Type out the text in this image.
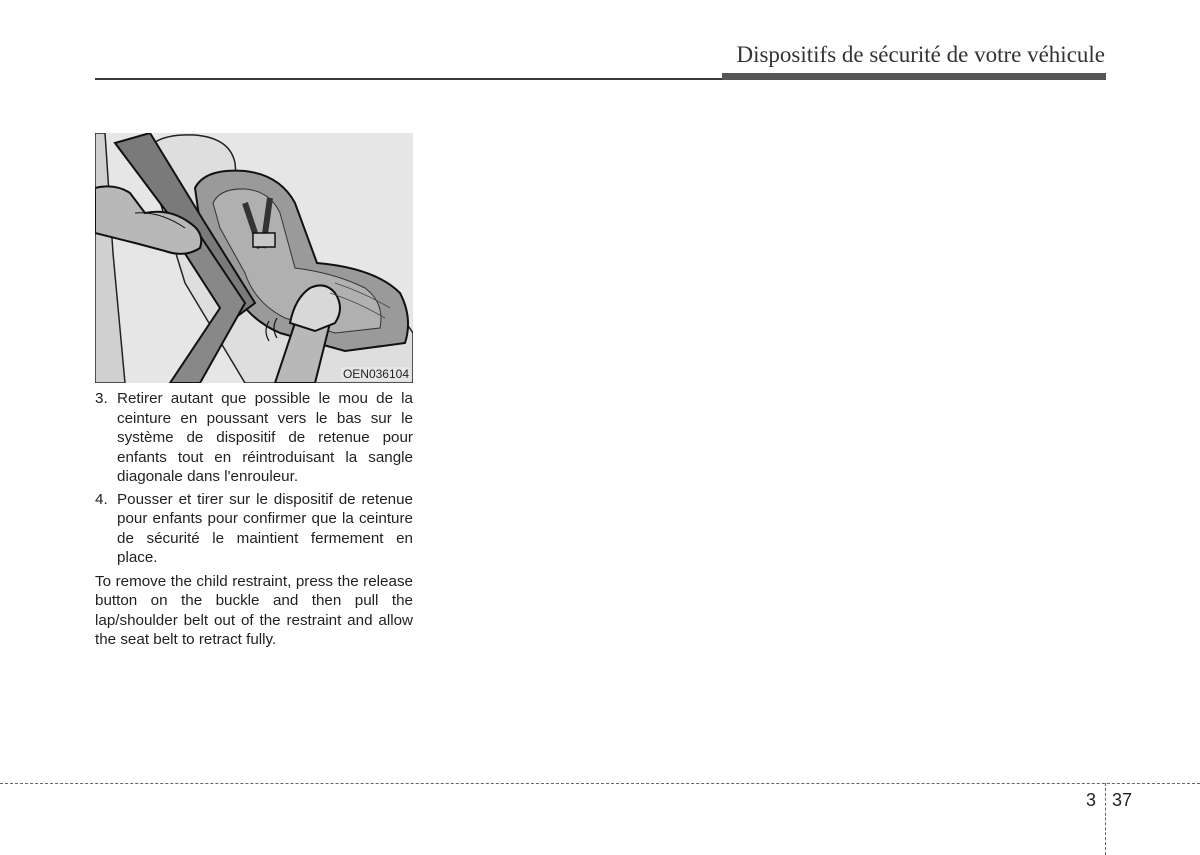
Dispositifs de sécurité de votre véhicule
OEN036104
3. Retirer autant que possible le mou de la ceinture en poussant vers le bas sur le système de dispositif de retenue pour enfants tout en réintroduisant la sangle diagonale dans l'enrouleur.
4. Pousser et tirer sur le dispositif de retenue pour enfants pour confirmer que la ceinture de sécurité le maintient fermement en place.

To remove the child restraint, press the release button on the buckle and then pull the lap/shoulder belt out of the restraint and allow the seat belt to retract fully.

3 37
